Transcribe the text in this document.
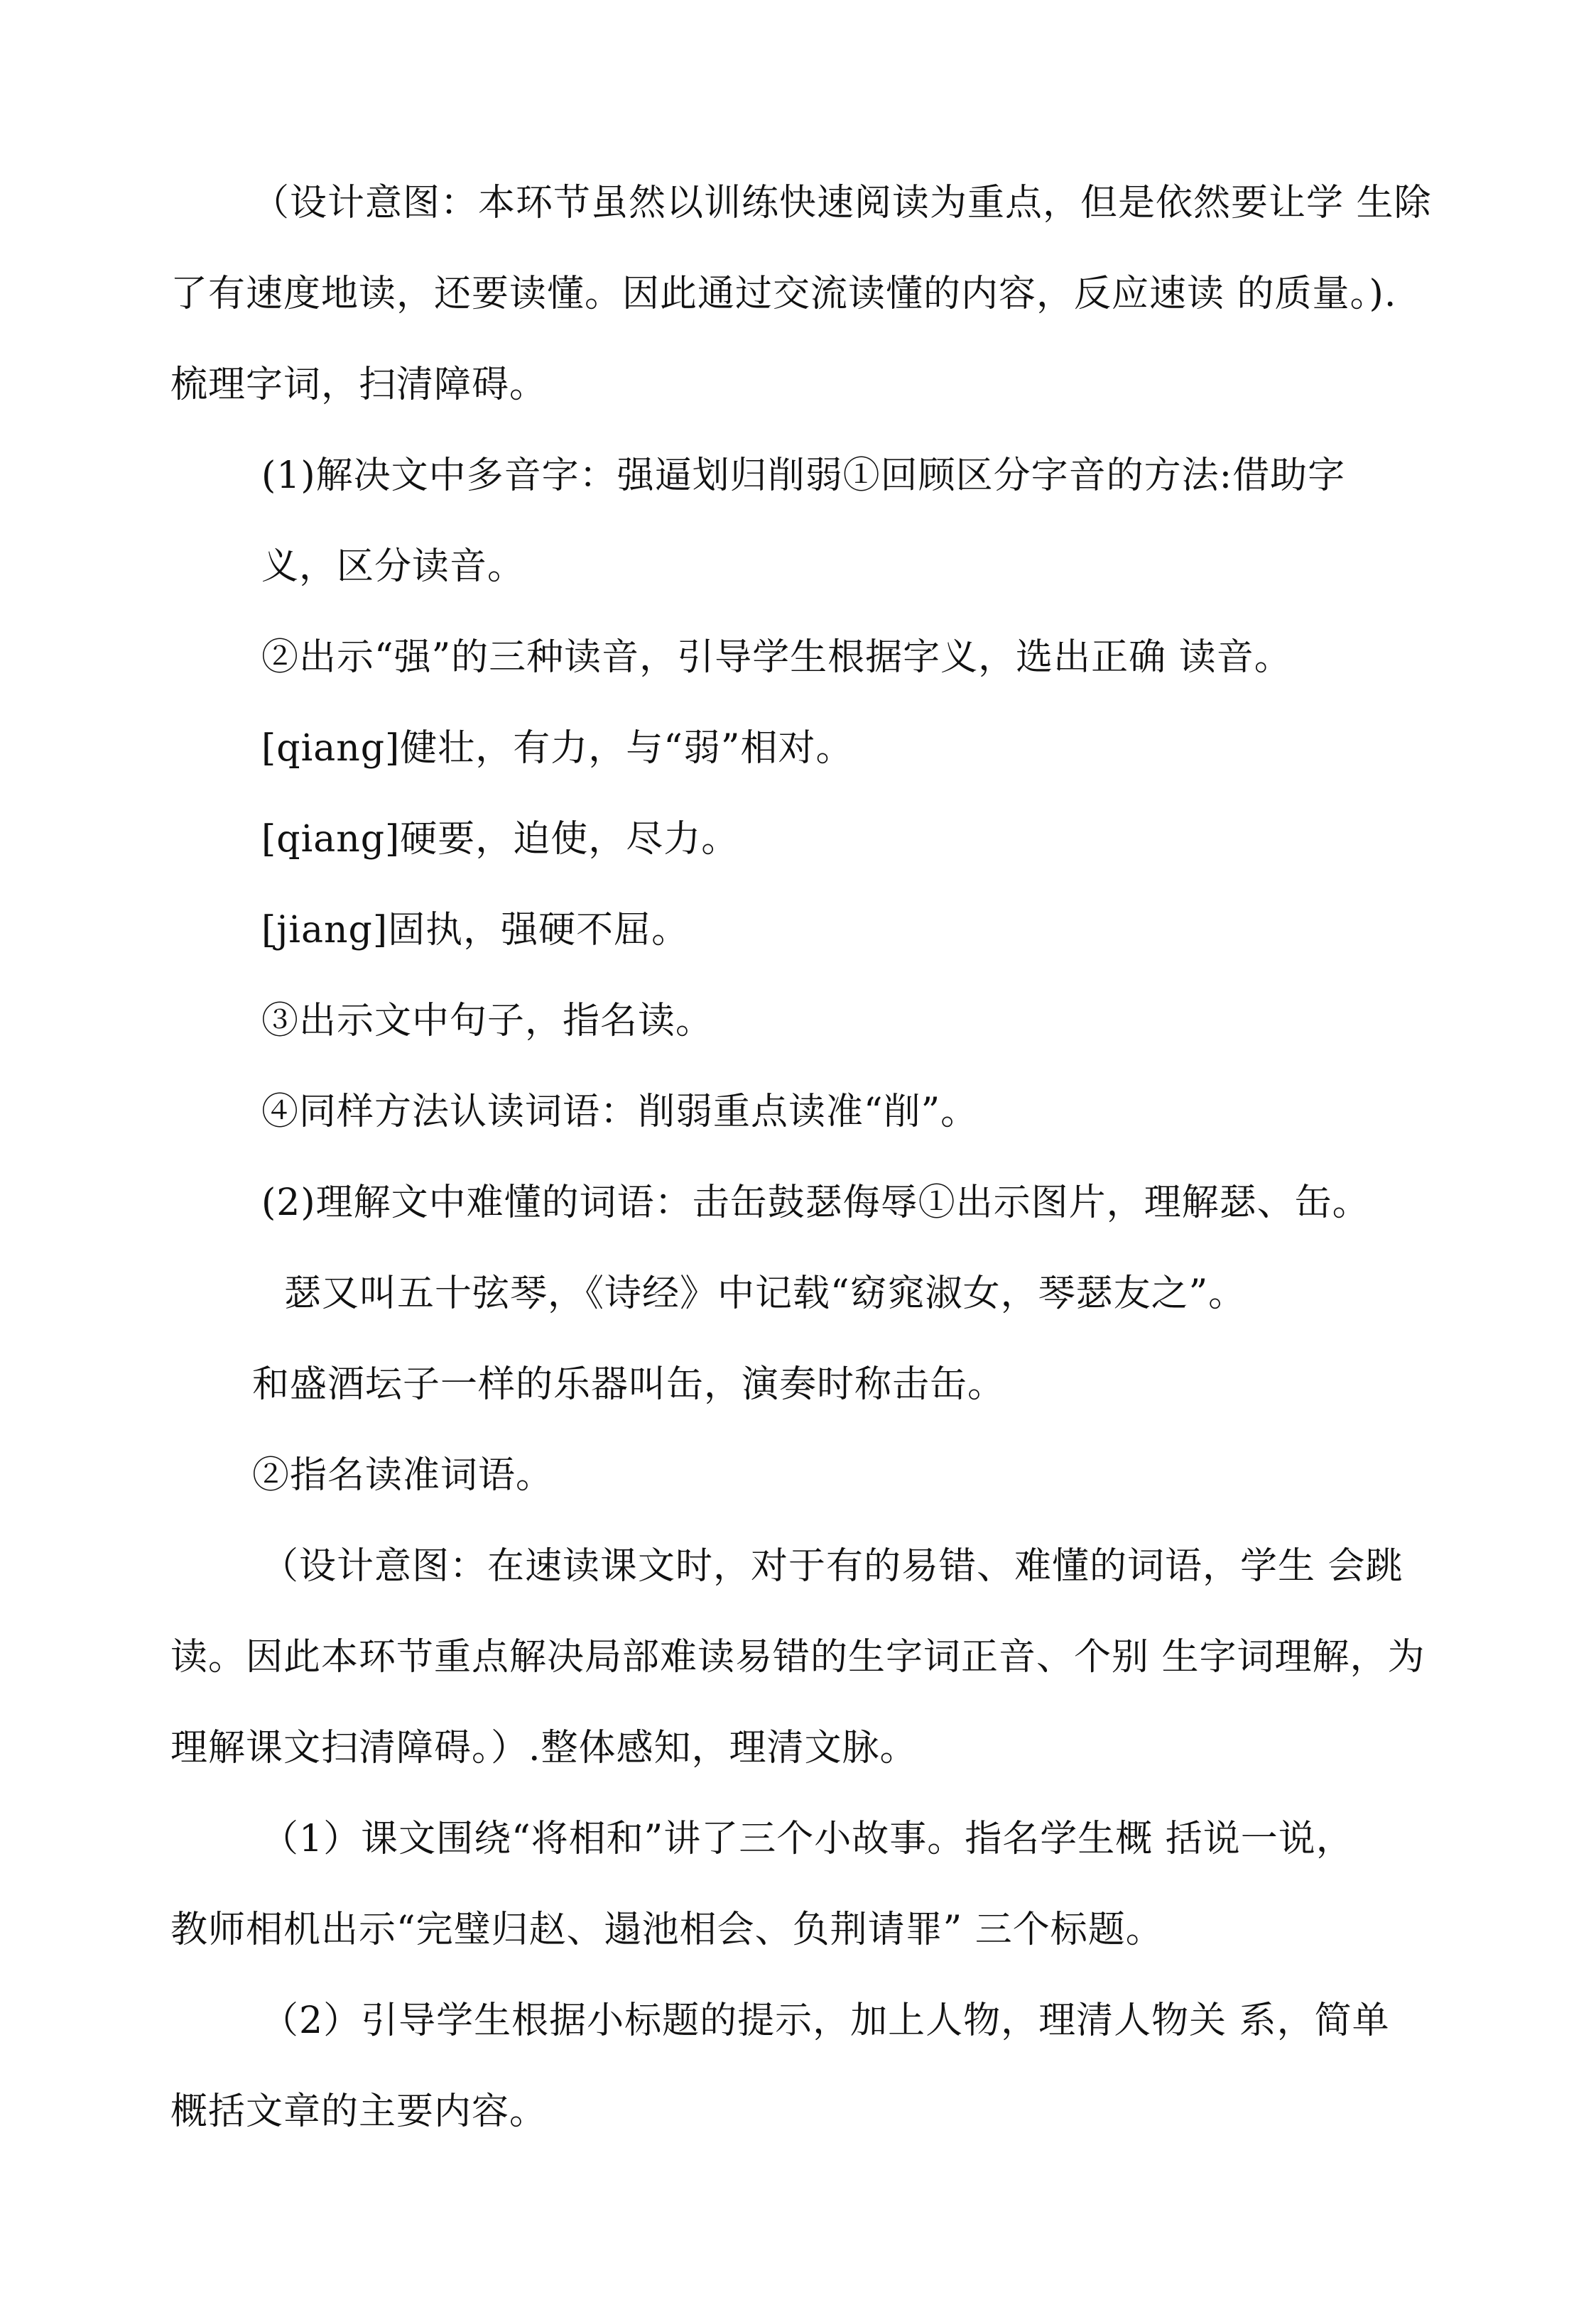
（设计意图：本环节虽然以训练快速阅读为重点，但是依然要让学 生除
了有速度地读，还要读懂。因此通过交流读懂的内容，反应速读 的质量。).
梳理字词，扫清障碍。
(1)解决文中多音字：强逼划归削弱①回顾区分字音的方法:借助字
义，区分读音。
②出示“强”的三种读音，引导学生根据字义，选出正确 读音。
[qiang]健壮，有力，与“弱”相对。
[qiang]硬要，迫使，尽力。
[jiang]固执，强硬不屈。
③出示文中句子，指名读。
④同样方法认读词语：削弱重点读准“削”。
(2)理解文中难懂的词语：击缶鼓瑟侮辱①出示图片，理解瑟、缶。
瑟又叫五十弦琴，《诗经》中记载“窈窕淑女，琴瑟友之”。
和盛酒坛子一样的乐器叫缶，演奏时称击缶。
②指名读准词语。
（设计意图：在速读课文时，对于有的易错、难懂的词语，学生 会跳
读。因此本环节重点解决局部难读易错的生字词正音、个别 生字词理解，为
理解课文扫清障碍。）.整体感知，理清文脉。
（1）课文围绕“将相和”讲了三个小故事。指名学生概 括说一说，
教师相机出示“完璧归赵、遢池相会、负荆请罪” 三个标题。
（2）引导学生根据小标题的提示，加上人物，理清人物关 系，简单
概括文章的主要内容。
